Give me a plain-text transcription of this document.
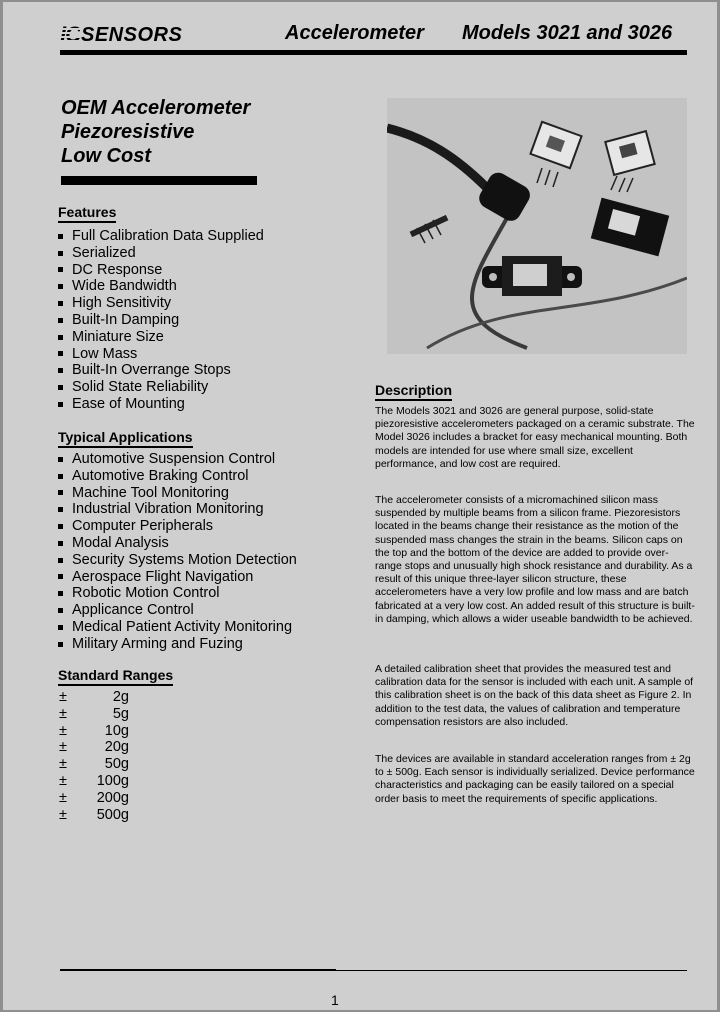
IC SENSORS	Accelerometer Models 3021 and 3026
OEM Accelerometer
Piezoresistive
Low Cost
Features
Full Calibration Data Supplied
Serialized
DC Response
Wide Bandwidth
High Sensitivity
Built-In Damping
Miniature Size
Low Mass
Built-In Overrange Stops
Solid State Reliability
Ease of Mounting
Typical Applications
Automotive Suspension Control
Automotive Braking Control
Machine Tool Monitoring
Industrial Vibration Monitoring
Computer Peripherals
Modal Analysis
Security Systems Motion Detection
Aerospace Flight Navigation
Robotic Motion Control
Applicance Control
Medical Patient Activity Monitoring
Military Arming and Fuzing
Standard Ranges
±	2g
±	5g
±	10g
±	20g
±	50g
±	100g
±	200g
±	500g
Description

The Models 3021 and 3026 are general purpose, solid-state piezoresistive accelerometers packaged on a ceramic substrate. The Model 3026 includes a bracket for easy mechanical mounting. Both models are intended for use where small size, excellent performance, and low cost are required.

The accelerometer consists of a micromachined silicon mass suspended by multiple beams from a silicon frame. Piezoresistors located in the beams change their resistance as the motion of the suspended mass changes the strain in the beams. Silicon caps on the top and the bottom of the device are added to provide over-range stops and unusually high shock resistance and durability. As a result of this unique three-layer silicon structure, these accelerometers have a very low profile and low mass and are batch fabricated at a very low cost. An added result of this structure is built-in damping, which allows a wider useable bandwidth to be achieved.

A detailed calibration sheet that provides the measured test and calibration data for the sensor is included with each unit. A sample of this calibration sheet is on the back of this data sheet as Figure 2. In addition to the test data, the values of calibration and temperature compensation resistors are also included.

The devices are available in standard acceleration ranges from ± 2g to ± 500g. Each sensor is individually serialized. Device performance characteristics and packaging can be easily tailored on a special order basis to meet the requirements of specific applications.

1
